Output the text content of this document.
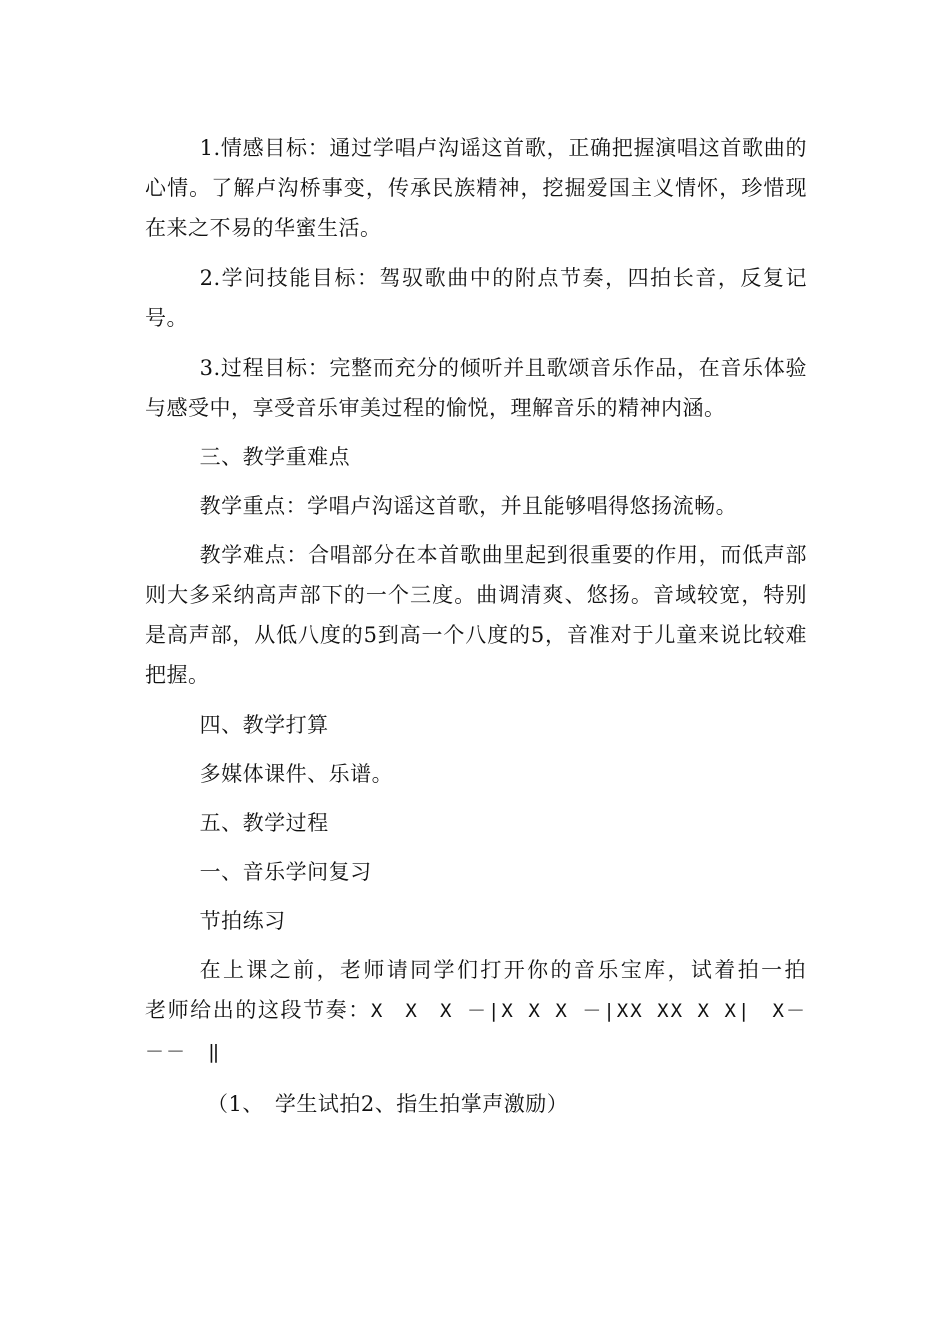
1.情感目标：通过学唱卢沟谣这首歌，正确把握演唱这首歌曲的心情。了解卢沟桥事变，传承民族精神，挖掘爱国主义情怀，珍惜现在来之不易的华蜜生活。

2.学问技能目标：驾驭歌曲中的附点节奏，四拍长音，反复记号。

3.过程目标：完整而充分的倾听并且歌颂音乐作品，在音乐体验与感受中，享受音乐审美过程的愉悦，理解音乐的精神内涵。

三、教学重难点

教学重点：学唱卢沟谣这首歌，并且能够唱得悠扬流畅。

教学难点：合唱部分在本首歌曲里起到很重要的作用，而低声部则大多采纳高声部下的一个三度。曲调清爽、悠扬。音域较宽，特别是高声部，从低八度的5到高一个八度的5，音准对于儿童来说比较难把握。

四、教学打算

多媒体课件、乐谱。

五、教学过程

一、音乐学问复习

节拍练习

在上课之前，老师请同学们打开你的音乐宝库，试着拍一拍老师给出的这段节奏：X　X　X －|X X X －|XX XX X X|　X－－－　‖

（1、　学生试拍2、指生拍掌声激励）
